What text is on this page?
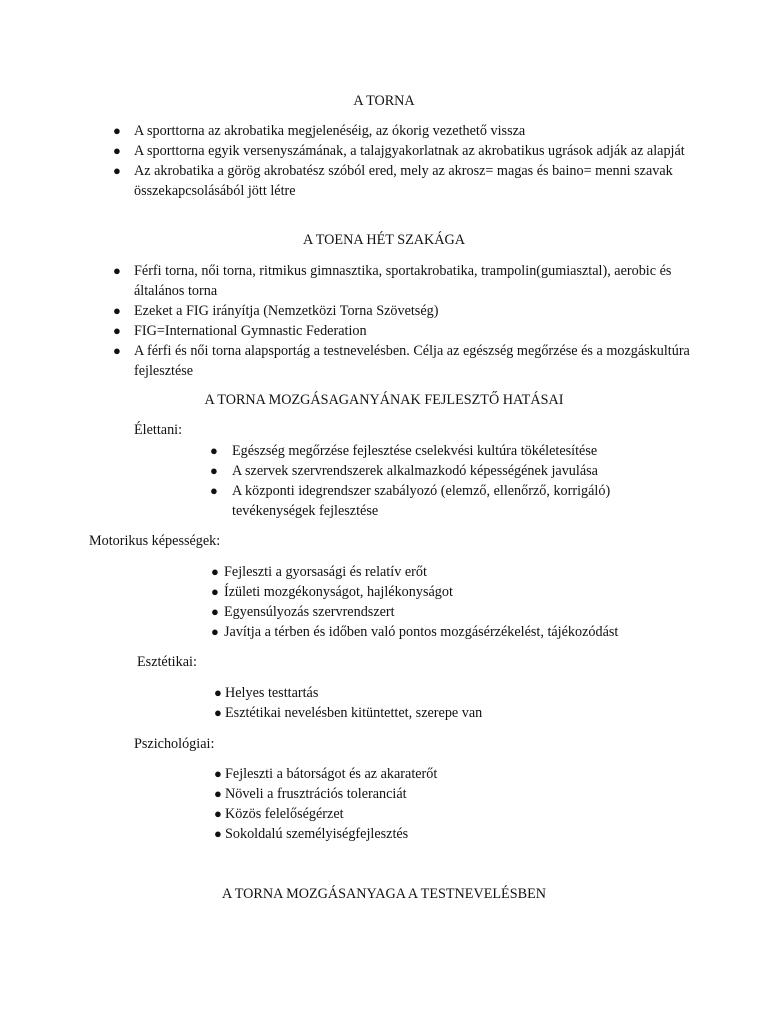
A TORNA
● A sporttorna az akrobatika megjelenéséig, az ókorig vezethető vissza
● A sporttorna egyik versenyszámának, a talajgyakorlatnak az akrobatikus ugrások adják az alapját
● Az akrobatika a görög akrobatész szóból ered, mely az akrosz= magas és baino= menni szavak összekapcsolásából jött létre
A TOENA HÉT SZAKÁGA
● Férfi torna, női torna, ritmikus gimnasztika, sportakrobatika, trampolin(gumiasztal), aerobic és általános torna
● Ezeket a FIG irányítja (Nemzetközi Torna Szövetség)
● FIG=International Gymnastic Federation
● A férfi és női torna alapsportág a testnevelésben. Célja az egészség megőrzése és a mozgáskultúra fejlesztése
A TORNA MOZGÁSAGANYÁNAK FEJLESZTŐ HATÁSAI
Élettani:
● Egészség megőrzése fejlesztése cselekvési kultúra tökéletesítése
● A szervek szervrendszerek alkalmazkodó képességének javulása
● A központi idegrendszer szabályozó (elemző, ellenőrző, korrigáló) tevékenységek fejlesztése
Motorikus képességek:
● Fejleszti a gyorsasági és relatív erőt
● Ízületi mozgékonyságot, hajlékonyságot
● Egyensúlyozás szervrendszert
● Javítja a térben és időben való pontos mozgásérzékelést, tájékozódást
Esztétikai:
● Helyes testtartás
● Esztétikai nevelésben kitüntettet, szerepe van
Pszichológiai:
● Fejleszti a bátorságot és az akaraterőt
● Növeli a frusztrációs toleranciát
● Közös felelőségérzet
● Sokoldalú személyiségfejlesztés
A TORNA MOZGÁSANYAGA A TESTNEVELÉSBEN
